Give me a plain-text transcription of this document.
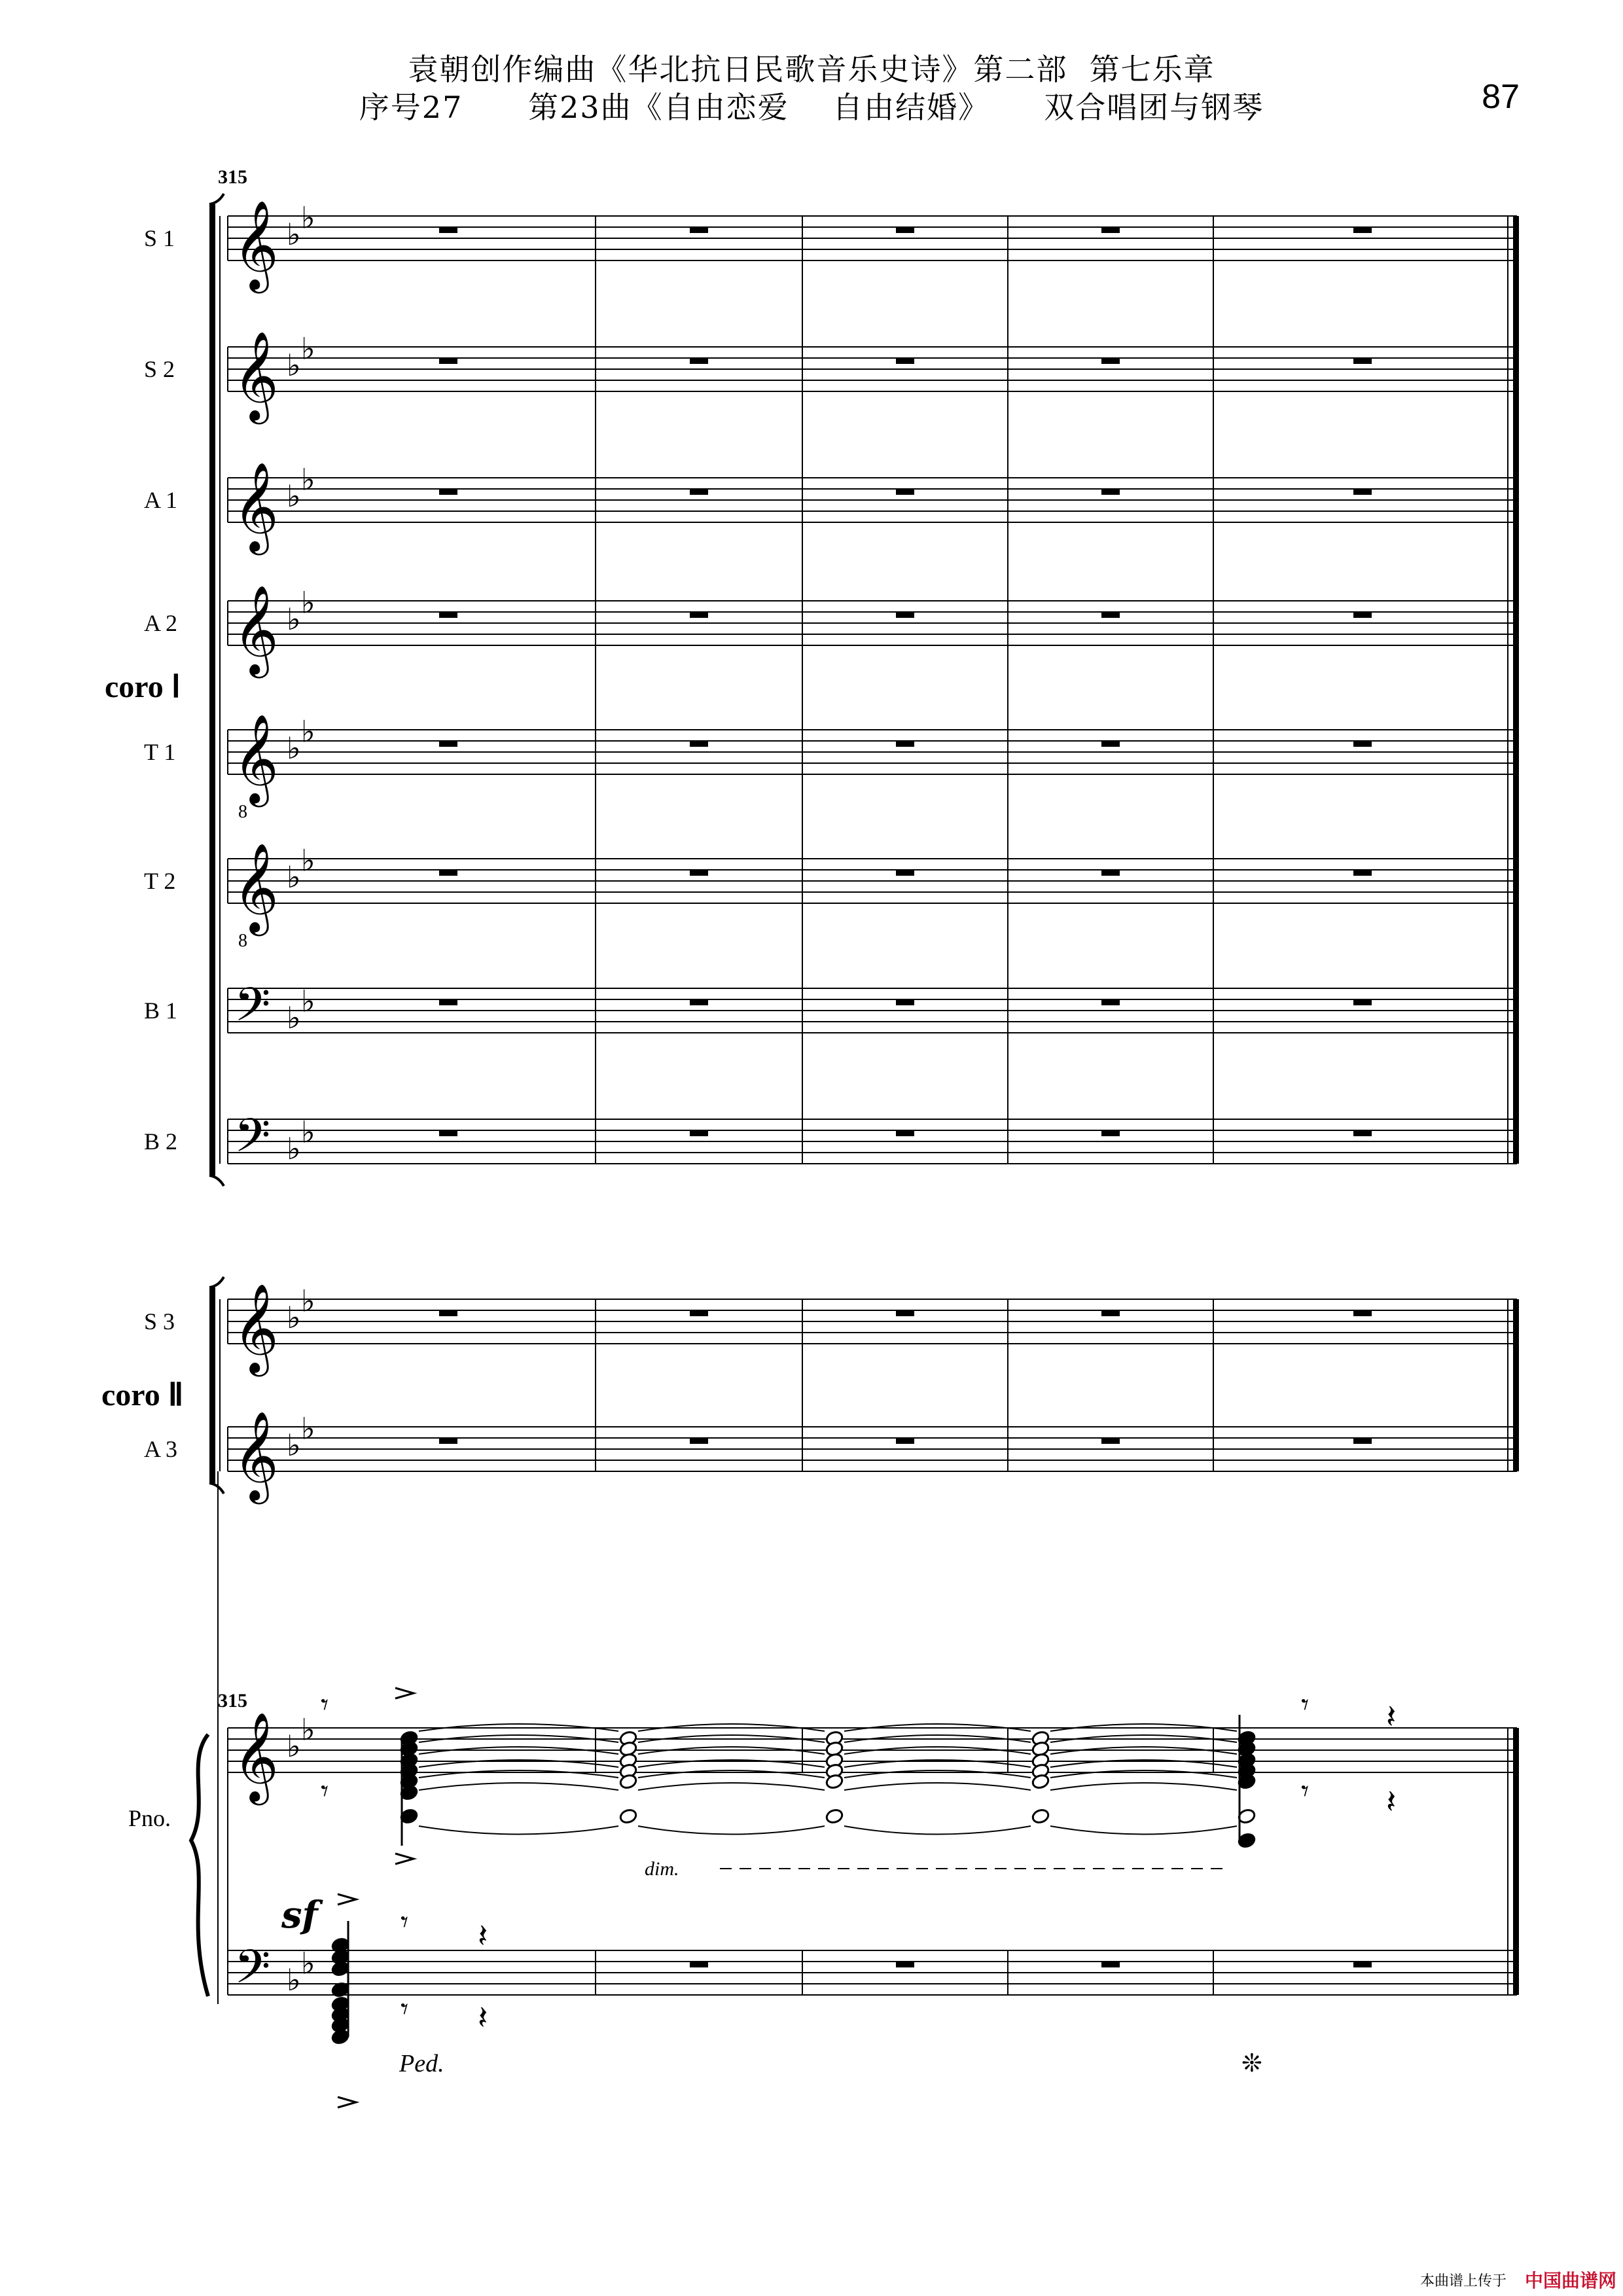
袁朝创作编曲《华北抗日民歌音乐史诗》第二部  第七乐章
序号27      第23曲《自由恋爱    自由结婚》     双合唱团与钢琴	87
S 1 𝄞 ♭ ♭
S 2 𝄞 ♭ ♭
A 1 𝄞 ♭ ♭
A 2 𝄞 ♭ ♭
T 1 𝄞
8
♭ ♭
T 2 𝄞
8
♭ ♭
B 1 𝄢 ♭ ♭
B 2 𝄢 ♭ ♭
S 3 𝄞 ♭ ♭
A 3 𝄞 ♭ ♭
𝄞 ♭ ♭
𝄢 ♭ ♭
𝄾
𝄾
𝄾
𝄾
𝄽
𝄽
𝄾
𝄾
𝄽
𝄽
315
315
coro Ⅰ
coro Ⅱ
Pno.
sf
dim.
Ped.	❊
本曲谱上传于 中国曲谱网
